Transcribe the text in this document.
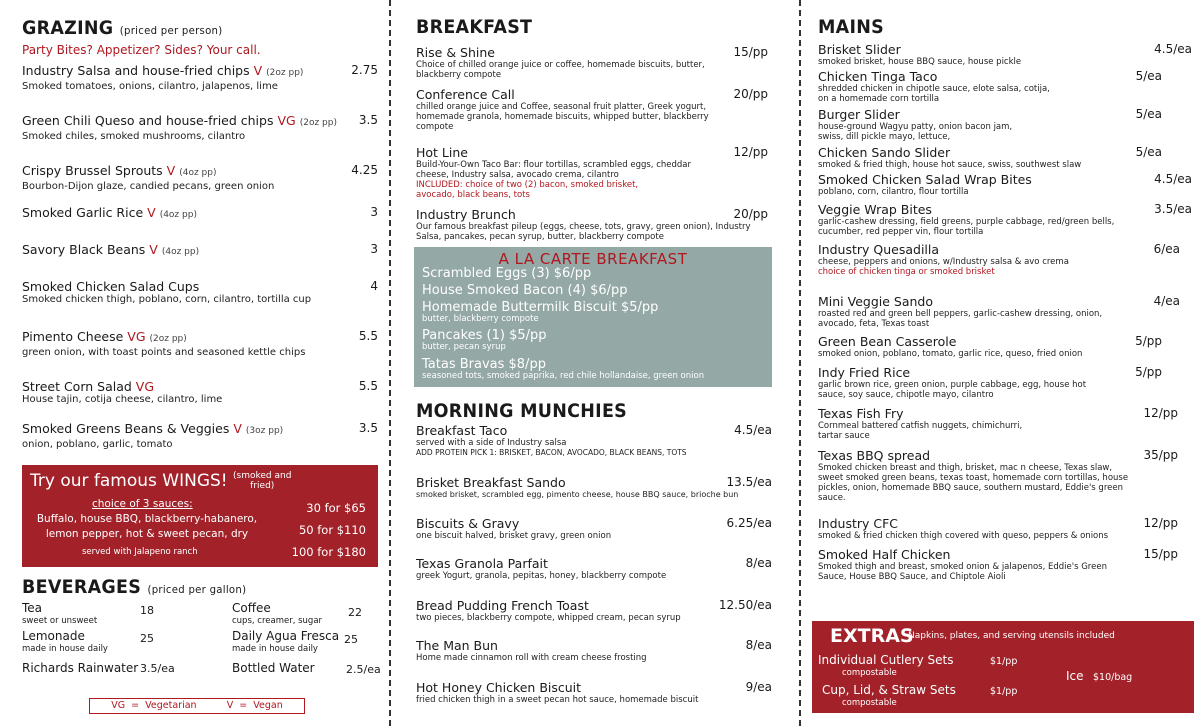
GRAZING (priced per person)
Party Bites? Appetizer? Sides? Your call.
Industry Salsa and house-fried chips V (2oz pp)
Smoked tomatoes, onions, cilantro, jalapenos, lime
2.75
Green Chili Queso and house-fried chips VG (2oz pp)
Smoked chiles, smoked mushrooms, cilantro
3.5
Crispy Brussel Sprouts V (4oz pp)
Bourbon-Dijon glaze, candied pecans, green onion
4.25
Smoked Garlic Rice V (4oz pp)	3
Savory Black Beans V (4oz pp)	3
Smoked Chicken Salad Cups
Smoked chicken thigh, poblano, corn, cilantro, tortilla cup
4
Pimento Cheese VG (2oz pp)
green onion, with toast points and seasoned kettle chips
5.5
Street Corn Salad VG
House tajin, cotija cheese, cilantro, lime
5.5
Smoked Greens Beans & Veggies V (3oz pp)
onion, poblano, garlic, tomato
3.5
Try our famous WINGS! (smoked and
fried)
choice of 3 sauces:
Buffalo, house BBQ, blackberry-habanero,
lemon pepper, hot & sweet pecan, dry
served with Jalapeno ranch
30 for $65
50 for $110
100 for $180
BEVERAGES (priced per gallon)
Tea
sweet or unsweet
18
Lemonade
made in house daily
25
Richards Rainwater 3.5/ea
Coffee
cups, creamer, sugar
22
Daily Agua Fresca
made in house daily
25
Bottled Water	2.5/ea
VG  =  Vegetarian          V  =  Vegan
BREAKFAST
Rise & Shine
Choice of chilled orange juice or coffee, homemade biscuits, butter, blackberry compote
15/pp
Conference Call
chilled orange juice and Coffee, seasonal fruit platter, Greek yogurt, homemade granola, homemade biscuits, whipped butter, blackberry compote
20/pp
Hot Line
Build-Your-Own Taco Bar: flour tortillas, scrambled eggs, cheddar cheese, Industry salsa, avocado crema, cilantro
INCLUDED: choice of two (2) bacon, smoked brisket, avocado, black beans, tots
12/pp
Industry Brunch
Our famous breakfast pileup (eggs, cheese, tots, gravy, green onion), Industry Salsa, pancakes, pecan syrup, butter, blackberry compote
20/pp
A LA CARTE BREAKFAST
Scrambled Eggs (3) $6/pp
House Smoked Bacon (4) $6/pp
Homemade Buttermilk Biscuit $5/pp
butter, blackberry compote
Pancakes (1) $5/pp
butter, pecan syrup
Tatas Bravas $8/pp
seasoned tots, smoked paprika, red chile hollandaise, green onion
MORNING MUNCHIES
Breakfast Taco
served with a side of Industry salsa
ADD PROTEIN PICK 1: BRISKET, BACON, AVOCADO, BLACK BEANS, TOTS
4.5/ea
Brisket Breakfast Sando
smoked brisket, scrambled egg, pimento cheese, house BBQ sauce, brioche bun
13.5/ea
Biscuits & Gravy
one biscuit halved, brisket gravy, green onion
6.25/ea
Texas Granola Parfait
greek Yogurt, granola, pepitas, honey, blackberry compote
8/ea
Bread Pudding French Toast
two pieces, blackberry compote, whipped cream, pecan syrup
12.50/ea
The Man Bun
Home made cinnamon roll with cream cheese frosting
8/ea
Hot Honey Chicken Biscuit
fried chicken thigh in a sweet pecan hot sauce, homemade biscuit
9/ea
MAINS
Brisket Slider
smoked brisket, house BBQ sauce, house pickle
4.5/ea
Chicken Tinga Taco
shredded chicken in chipotle sauce, elote salsa, cotija, on a homemade corn tortilla
5/ea
Burger Slider
house-ground Wagyu patty, onion bacon jam, swiss, dill pickle mayo, lettuce,
5/ea
Chicken Sando Slider
smoked & fried thigh, house hot sauce, swiss, southwest slaw
5/ea
Smoked Chicken Salad Wrap Bites
poblano, corn, cilantro, flour tortilla
4.5/ea
Veggie Wrap Bites
garlic-cashew dressing, field greens, purple cabbage, red/green bells, cucumber, red pepper vin, flour tortilla
3.5/ea
Industry Quesadilla
cheese, peppers and onions, w/Industry salsa & avo crema
choice of chicken tinga or smoked brisket
6/ea
Mini Veggie Sando
roasted red and green bell peppers, garlic-cashew dressing, onion, avocado, feta, Texas toast
4/ea
Green Bean Casserole
smoked onion, poblano, tomato, garlic rice, queso, fried onion
5/pp
Indy Fried Rice
garlic brown rice, green onion, purple cabbage, egg, house hot sauce, soy sauce, chipotle mayo, cilantro
5/pp
Texas Fish Fry
Cornmeal battered catfish nuggets, chimichurri, tartar sauce
12/pp
Texas BBQ spread
Smoked chicken breast and thigh, brisket, mac n cheese, Texas slaw, sweet smoked green beans, texas toast, homemade corn tortillas, house pickles, onion, homemade BBQ sauce, southern mustard, Eddie's green sauce.
35/pp
Industry CFC
smoked & fried chicken thigh covered with queso, peppers & onions
12/pp
Smoked Half Chicken
Smoked thigh and breast, smoked onion & jalapenos, Eddie's Green Sauce, House BBQ Sauce, and Chiptole Aioli
15/pp
EXTRAS
Napkins, plates, and serving utensils included
Individual Cutlery Sets
compostable
$1/pp
Cup, Lid, & Straw Sets
compostable
$1/pp
Ice $10/bag
